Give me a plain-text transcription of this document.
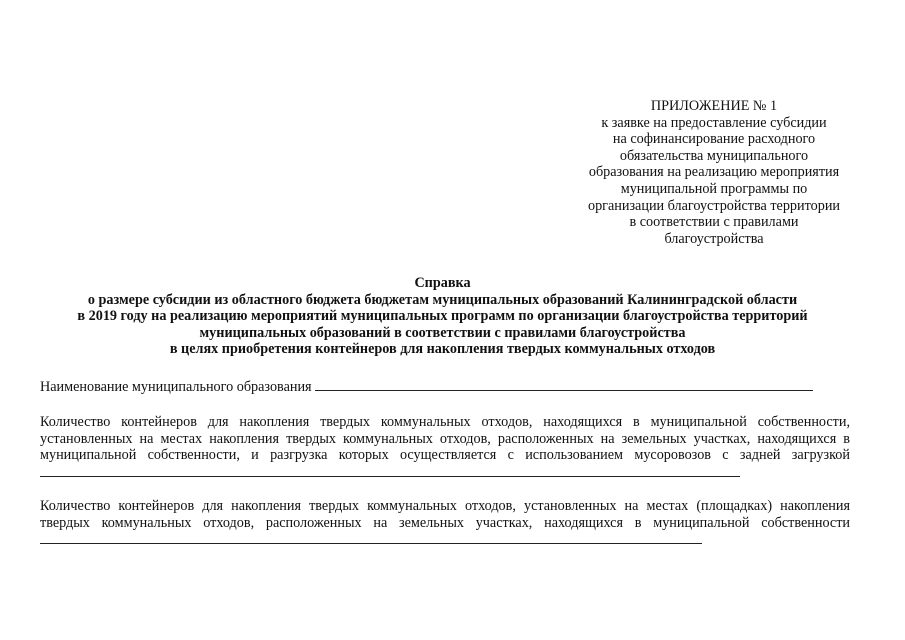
ПРИЛОЖЕНИЕ № 1
к заявке на предоставление субсидии
на софинансирование расходного
обязательства муниципального
образования на реализацию мероприятия
муниципальной программы по
организации благоустройства территории
в соответствии с правилами
благоустройства
Справка
о размере субсидии из областного бюджета бюджетам муниципальных образований Калининградской области
в 2019 году на реализацию мероприятий муниципальных программ по организации благоустройства территорий
муниципальных образований в соответствии с правилами благоустройства
в целях приобретения контейнеров для накопления твердых коммунальных отходов
Наименование муниципального образования
Количество контейнеров для накопления твердых коммунальных отходов, находящихся в муниципальной собственности, установленных на местах накопления твердых коммунальных отходов, расположенных на земельных участках, находящихся в муниципальной собственности, и разгрузка которых осуществляется с использованием мусоровозов с задней загрузкой
Количество контейнеров для накопления твердых коммунальных отходов, установленных на местах (площадках) накопления твердых коммунальных отходов, расположенных на земельных участках, находящихся в муниципальной собственности
